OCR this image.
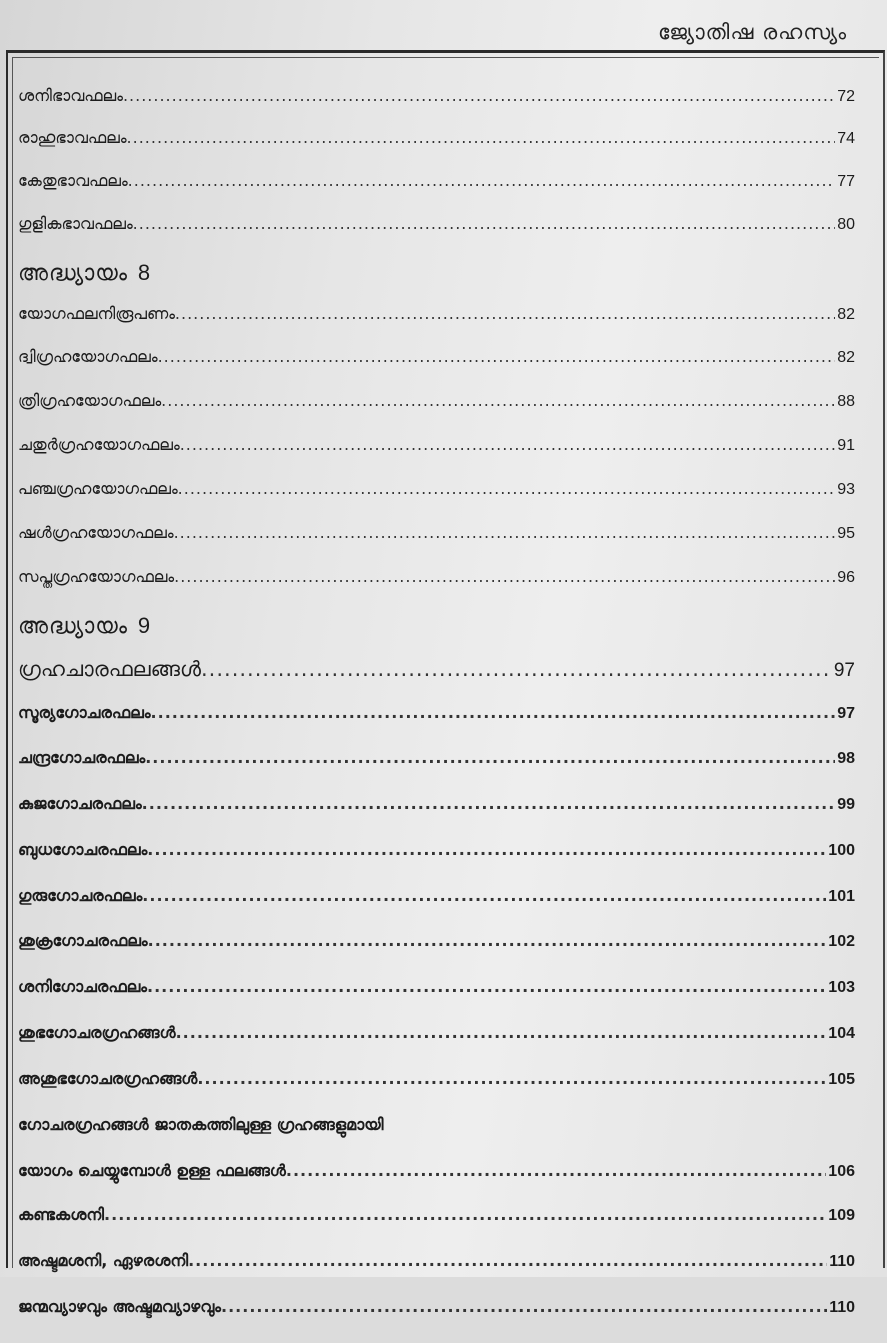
ജ്യോതിഷ രഹസ്യം
ശനിഭാവഫലം .....	72
രാഹുഭാവഫലം .....	74
കേതുഭാവഫലം .....	77
ഗുളികഭാവഫലം .....	80
അദ്ധ്യായം 8
യോഗഫലനിരൂപണം .....	82
ദ്വിഗ്രഹയോഗഫലം .....	82
ത്രിഗ്രഹയോഗഫലം .....	88
ചതുർഗ്രഹയോഗഫലം .....	91
പഞ്ചഗ്രഹയോഗഫലം .....	93
ഷൾഗ്രഹയോഗഫലം .....	95
സപ്തഗ്രഹയോഗഫലം .....	96
അദ്ധ്യായം 9
ഗ്രഹചാരഫലങ്ങൾ .....	97
സൂര്യഗോചരഫലം .....	97
ചന്ദ്രഗോചരഫലം .....	98
കുജഗോചരഫലം .....	99
ബുധഗോചരഫലം .....	100
ഗുരുഗോചരഫലം .....	101
ശുക്രഗോചരഫലം .....	102
ശനിഗോചരഫലം .....	103
ശുഭഗോചരഗ്രഹങ്ങൾ .....	104
അശുഭഗോചരഗ്രഹങ്ങൾ .....	105
ഗോചരഗ്രഹങ്ങൾ ജാതകത്തിലുള്ള ഗ്രഹങ്ങളുമായി
യോഗം ചെയ്യുമ്പോൾ ഉള്ള ഫലങ്ങൾ .....	106
കണ്ടകശനി .....	109
അഷ്ടമശനി, ഏഴരശനി .....	110
ജന്മവ്യാഴവും അഷ്ടമവ്യാഴവും .....	110
